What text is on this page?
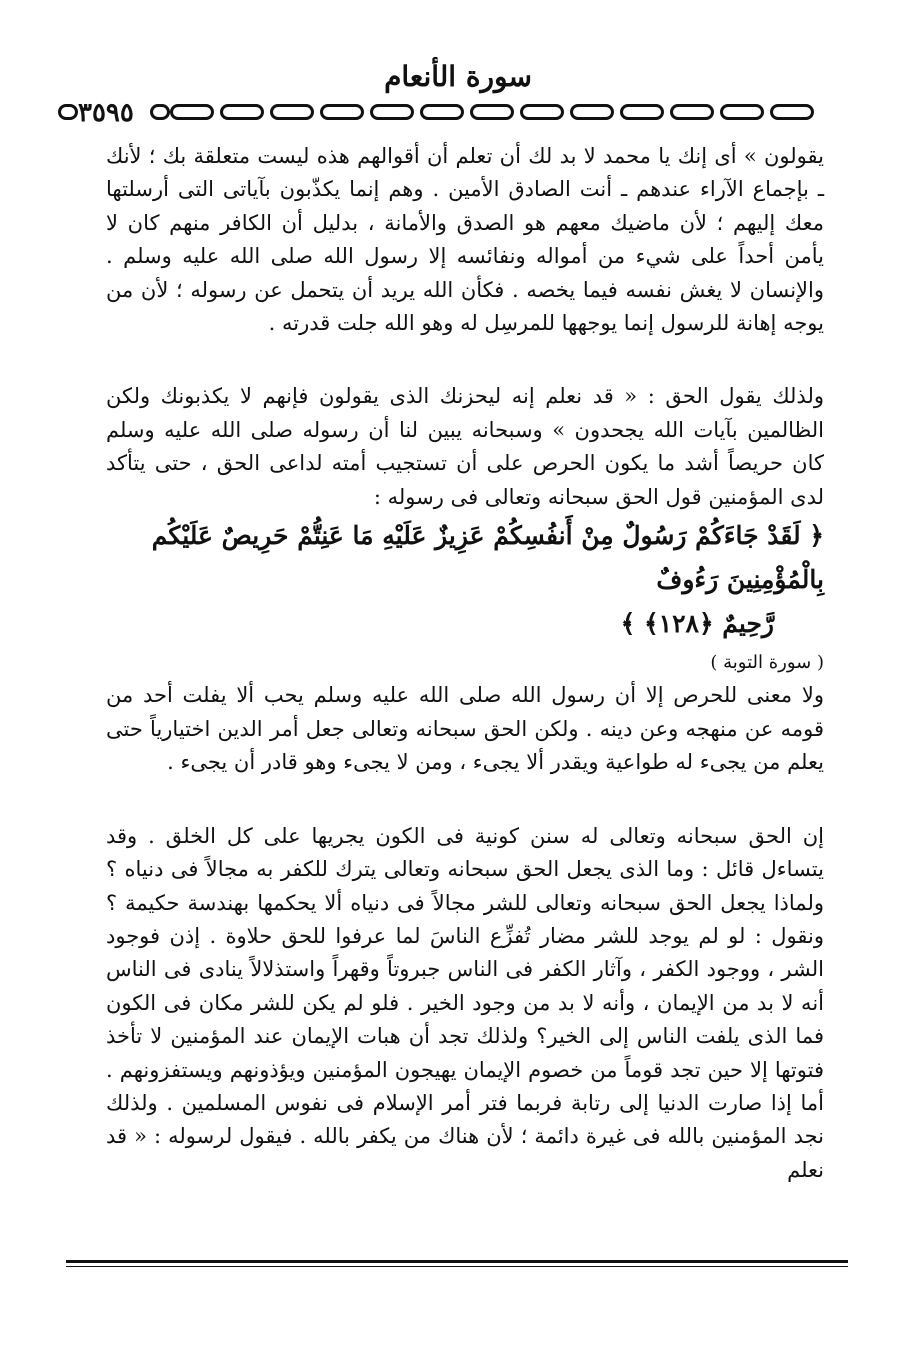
سورة الأنعام
٣٥٩٥

يقولون » أى إنك يا محمد لا بد لك أن تعلم أن أقوالهم هذه ليست متعلقة بك ؛ لأنك ـ بإجماع الآراء عندهم ـ أنت الصادق الأمين . وهم إنما يكذّبون بآياتى التى أرسلتها معك إليهم ؛ لأن ماضيك معهم هو الصدق والأمانة ، بدليل أن الكافر منهم كان لا يأمن أحداً على شيء من أمواله ونفائسه إلا رسول الله صلى الله عليه وسلم . والإنسان لا يغش نفسه فيما يخصه . فكأن الله يريد أن يتحمل عن رسوله ؛ لأن من يوجه إهانة للرسول إنما يوجهها للمرسِل له وهو الله جلت قدرته .

ولذلك يقول الحق : « قد نعلم إنه ليحزنك الذى يقولون فإنهم لا يكذبونك ولكن الظالمين بآيات الله يجحدون » وسبحانه يبين لنا أن رسوله صلى الله عليه وسلم كان حريصاً أشد ما يكون الحرص على أن تستجيب أمته لداعى الحق ، حتى يتأكد لدى المؤمنين قول الحق سبحانه وتعالى فى رسوله :

﴿ لَقَدْ جَاءَكُمْ رَسُولٌ مِنْ أَنفُسِكُمْ عَزِيزٌ عَلَيْهِ مَا عَنِتُّمْ حَرِيصٌ عَلَيْكُم بِالْمُؤْمِنِينَ رَءُوفٌ

رَّحِيمٌ ﴿١٢٨﴾ ﴾

( سورة التوبة )

ولا معنى للحرص إلا أن رسول الله صلى الله عليه وسلم يحب ألا يفلت أحد من قومه عن منهجه وعن دينه . ولكن الحق سبحانه وتعالى جعل أمر الدين اختيارياً حتى يعلم من يجىء له طواعية ويقدر ألا يجىء ، ومن لا يجىء وهو قادر أن يجىء .

إن الحق سبحانه وتعالى له سنن كونية فى الكون يجريها على كل الخلق . وقد يتساءل قائل : وما الذى يجعل الحق سبحانه وتعالى يترك للكفر به مجالاً فى دنياه ؟ ولماذا يجعل الحق سبحانه وتعالى للشر مجالاً فى دنياه ألا يحكمها بهندسة حكيمة ؟ ونقول : لو لم يوجد للشر مضار تُفزِّع الناسَ لما عرفوا للحق حلاوة . إذن فوجود الشر ، ووجود الكفر ، وآثار الكفر فى الناس جبروتاً وقهراً واستذلالاً ينادى فى الناس أنه لا بد من الإيمان ، وأنه لا بد من وجود الخير . فلو لم يكن للشر مكان فى الكون فما الذى يلفت الناس إلى الخير؟ ولذلك تجد أن هبات الإيمان عند المؤمنين لا تأخذ فتوتها إلا حين تجد قوماً من خصوم الإيمان يهيجون المؤمنين ويؤذونهم ويستفزونهم . أما إذا صارت الدنيا إلى رتابة فربما فتر أمر الإسلام فى نفوس المسلمين . ولذلك نجد المؤمنين بالله فى غيرة دائمة ؛ لأن هناك من يكفر بالله . فيقول لرسوله : « قد نعلم
